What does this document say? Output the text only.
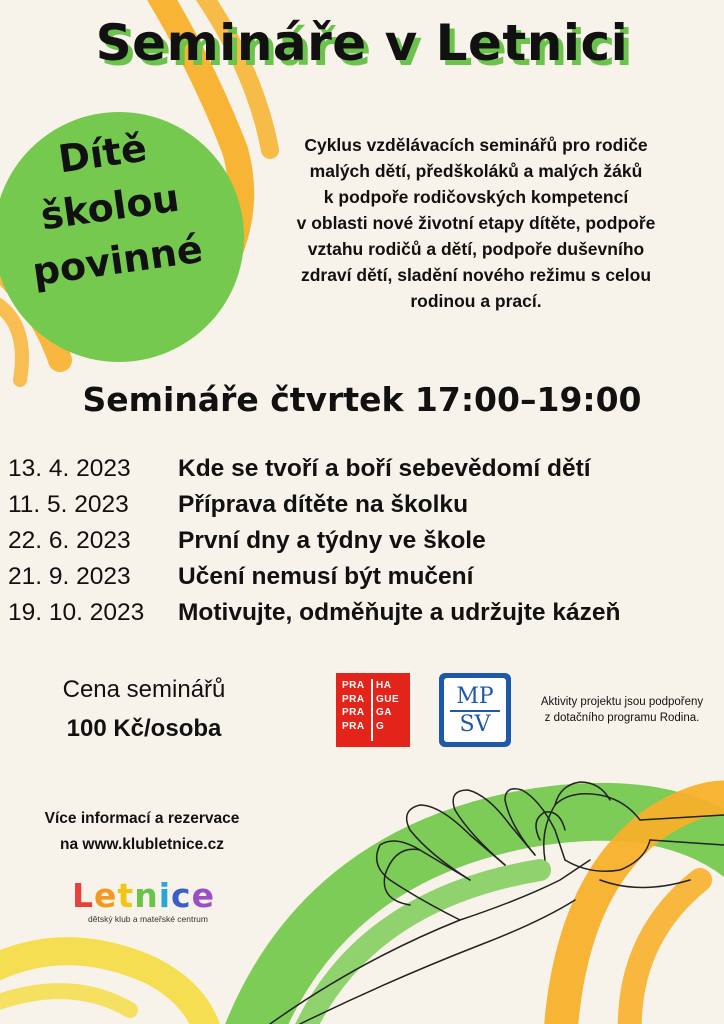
Semináře v Letnici
Dítě
školou
povinné
Cyklus vzdělávacích seminářů pro rodiče
malých dětí, předškoláků a malých žáků
k podpoře rodičovských kompetencí
v oblasti nové životní etapy dítěte, podpoře
vztahu rodičů a dětí, podpoře duševního
zdraví dětí, sladění nového režimu s celou
rodinou a prací.
Semináře čtvrtek 17:00–19:00
13. 4. 2023	Kde se tvoří a boří sebevědomí dětí
11. 5. 2023	Příprava dítěte na školku
22. 6. 2023	První dny a týdny ve škole
21. 9. 2023	Učení nemusí být mučení
19. 10. 2023	Motivujte, odměňujte a udržujte kázeň
Cena seminářů
100 Kč/osoba
PRA
PRA
PRA
PRA
HA
GUE
GA
G
MP
SV
Aktivity projektu jsou podpořeny
z dotačního programu Rodina.
Více informací a rezervace
na www.klubletnice.cz
Letnice
dětský klub a mateřské centrum
